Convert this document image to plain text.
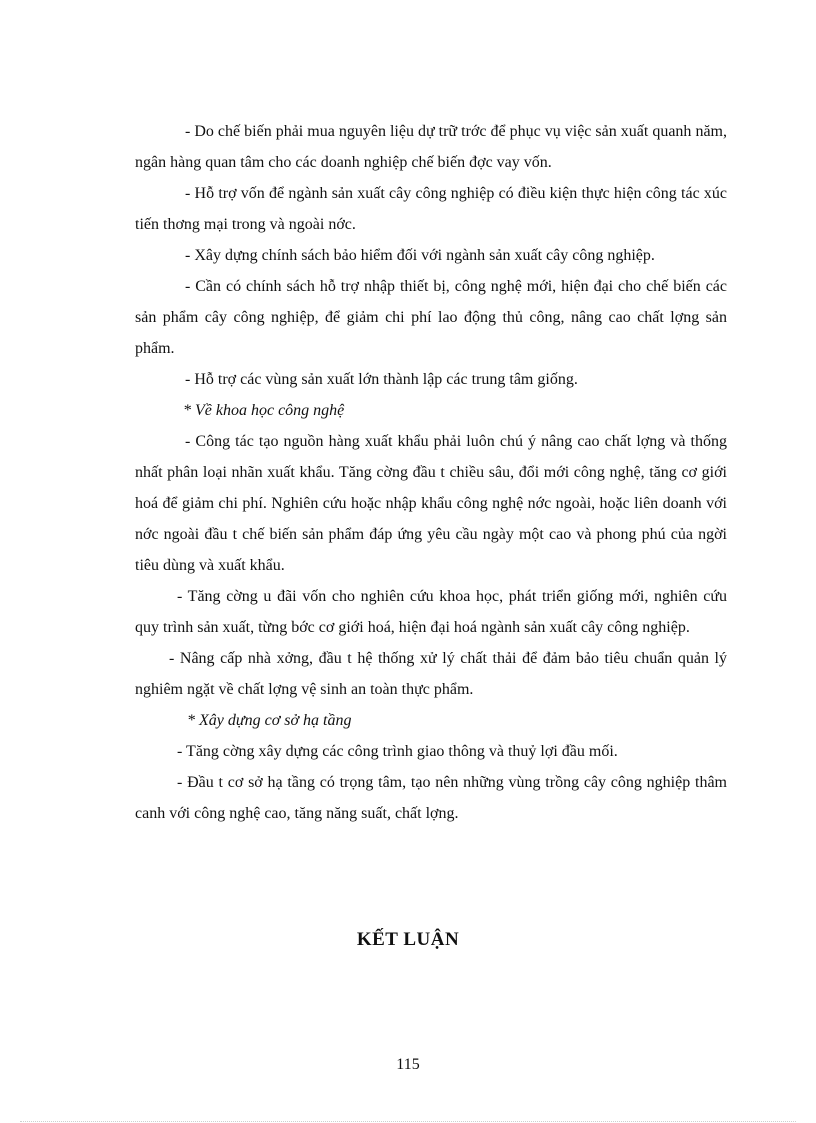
- Do chế biến phải mua nguyên liệu dự trữ trớc để phục vụ việc sản xuất quanh năm, ngân hàng quan tâm cho các doanh nghiệp chế biến đợc vay vốn.

- Hỗ trợ vốn để ngành sản xuất cây công nghiệp có điều kiện thực hiện công tác xúc tiến thơng mại trong và ngoài nớc.

- Xây dựng chính sách bảo hiểm đối với ngành sản xuất cây công nghiệp.

- Cần có chính sách hỗ trợ nhập thiết bị, công nghệ mới, hiện đại cho chế biến các sản phẩm cây công nghiệp, để giảm chi phí lao động thủ công, nâng cao chất lợng sản phẩm.

- Hỗ trợ các vùng sản xuất lớn thành lập các trung tâm giống.

* Về khoa học công nghệ

- Công tác tạo nguồn hàng xuất khẩu phải luôn chú ý nâng cao chất lợng và thống nhất phân loại nhãn xuất khẩu. Tăng cờng đầu t chiều sâu, đổi mới công nghệ, tăng cơ giới hoá để giảm chi phí. Nghiên cứu hoặc nhập khẩu công nghệ nớc ngoài, hoặc liên doanh với nớc ngoài đầu t chế biến sản phẩm đáp ứng yêu cầu ngày một cao và phong phú của ngời tiêu dùng và xuất khẩu.

- Tăng cờng u đãi vốn cho nghiên cứu khoa học, phát triển giống mới, nghiên cứu quy trình sản xuất, từng bớc cơ giới hoá, hiện đại hoá ngành sản xuất cây công nghiệp.

- Nâng cấp nhà xởng, đầu t hệ thống xử lý chất thải để đảm bảo tiêu chuẩn quản lý nghiêm ngặt về chất lợng vệ sinh an toàn thực phẩm.

* Xây dựng cơ sở hạ tầng

- Tăng cờng xây dựng các công trình giao thông và thuỷ lợi đầu mối.

- Đầu t cơ sở hạ tầng có trọng tâm, tạo nên những vùng trồng cây công nghiệp thâm canh với công nghệ cao, tăng năng suất, chất lợng.

KẾT LUẬN
115
